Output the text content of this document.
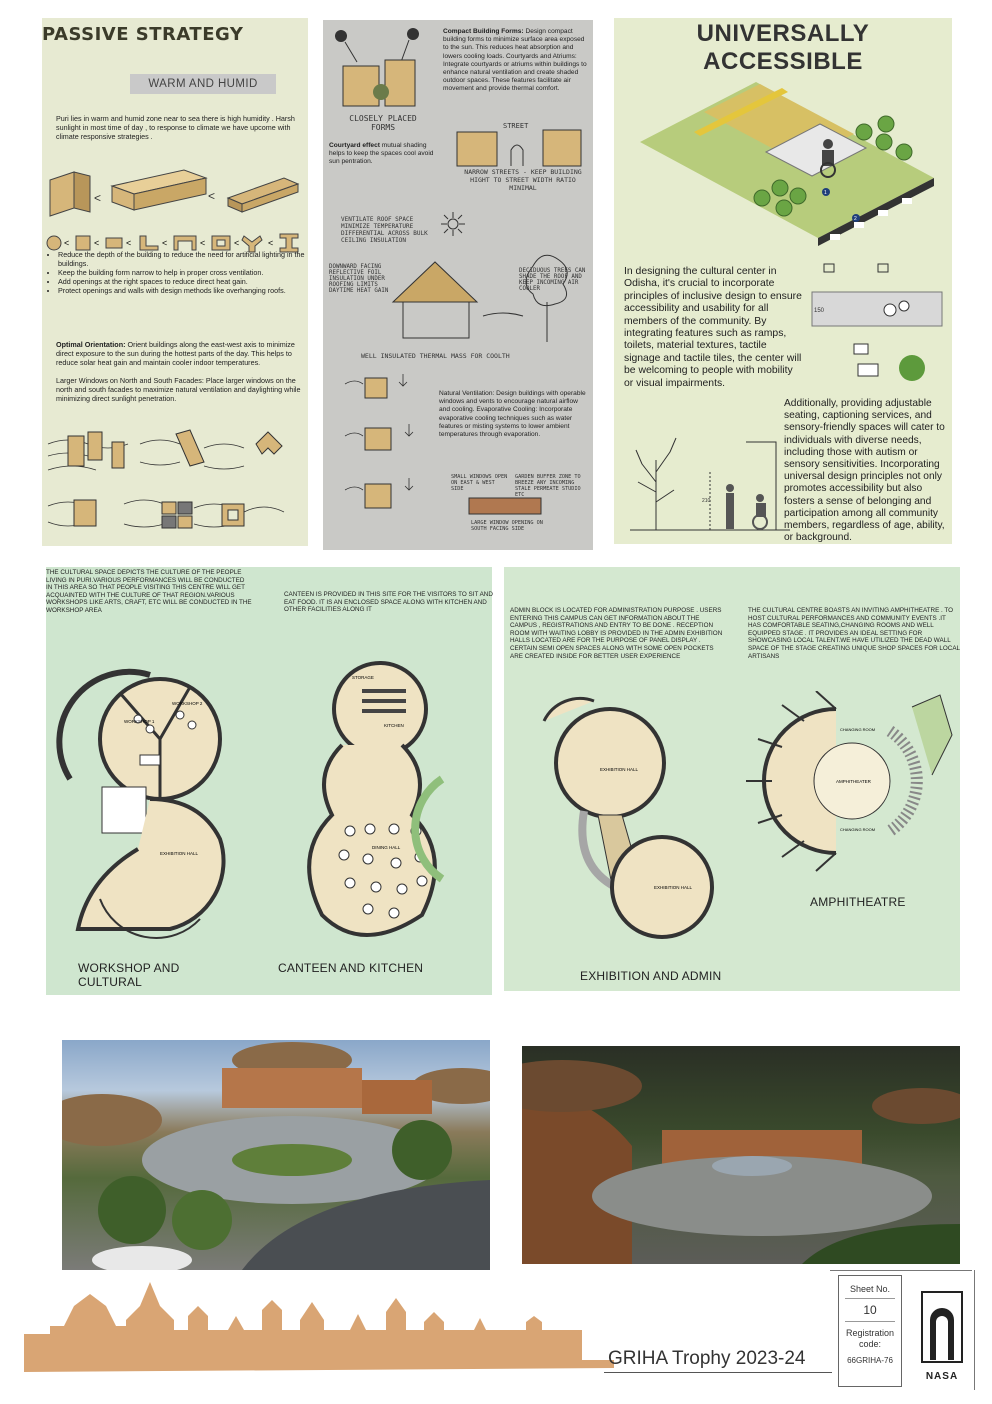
PASSIVE STRATEGY
WARM AND HUMID
Puri lies in warm and humid zone near to sea there is high humidity . Harsh sunlight in most time of day , to response to climate we have upcome with climate responsive strategies .
<	<
<	<	<	<	<	<	<
• Reduce the depth of the building to reduce the need for artificial lighting in the buildings.
• Keep the building form narrow to help in proper cross ventilation.
• Add openings at the right spaces to reduce direct heat gain.
• Protect openings and walls with design methods like overhanging roofs.
Optimal Orientation: Orient buildings along the east-west axis to minimize direct exposure to the sun during the hottest parts of the day. This helps to reduce solar heat gain and maintain cooler indoor temperatures.
Larger Windows on North and South Facades: Place larger windows on the north and south facades to maximize natural ventilation and daylighting while minimizing direct sunlight penetration.
CLOSELY PLACED FORMS
Courtyard effect mutual shading helps to keep the spaces cool avoid sun pentration.
Compact Building Forms: Design compact building forms to minimize surface area exposed to the sun. This reduces heat absorption and lowers cooling loads. Courtyards and Atriums: Integrate courtyards or atriums within buildings to enhance natural ventilation and create shaded outdoor spaces. These features facilitate air movement and provide thermal comfort.
STREET
NARROW STREETS - KEEP BUILDING HIGHT TO STREET WIDTH RATIO MINIMAL
VENTILATE ROOF SPACE MINIMIZE TEMPERATURE DIFFERENTIAL ACROSS BULK CEILING INSULATION
DOWNWARD FACING REFLECTIVE FOIL INSULATION UNDER ROOFING LIMITS DAYTIME HEAT GAIN
DECIDUOUS TREES CAN SHADE THE ROOF AND KEEP INCOMING AIR COOLER
WELL INSULATED THERMAL MASS FOR COOLTH
Natural Ventilation: Design buildings with operable windows and vents to encourage natural airflow and cooling. Evaporative Cooling: Incorporate evaporative cooling techniques such as water features or misting systems to lower ambient temperatures through evaporation.
SMALL WINDOWS OPEN ON EAST & WEST SIDE
GARDEN BUFFER ZONE TO BREEZE ANY INCOMING STALE PERMEATE STUDIO ETC
LARGE WINDOW OPENING ON SOUTH FACING SIDE
UNIVERSALLY ACCESSIBLE
1
2
In designing the cultural center in Odisha, it's crucial to incorporate principles of inclusive design to ensure accessibility and usability for all members of the community. By integrating features such as ramps, toilets, material textures, tactile signage and tactile tiles, the center will be welcoming to people with mobility or visual impairments.
150
210
Additionally, providing adjustable seating, captioning services, and sensory-friendly spaces will cater to individuals with diverse needs, including those with autism or sensory sensitivities. Incorporating universal design principles not only promotes accessibility but also fosters a sense of belonging and participation among all community members, regardless of age, ability, or background.
THE CULTURAL SPACE DEPICTS THE CULTURE OF THE PEOPLE LIVING IN PURI.VARIOUS PERFORMANCES WILL BE CONDUCTED IN THIS AREA SO THAT PEOPLE VISITING THIS CENTRE WILL GET ACQUAINTED WITH THE CULTURE OF THAT REGION.VARIOUS WORKSHOPS LIKE ARTS, CRAFT, ETC WILL BE CONDUCTED IN THE WORKSHOP AREA
CANTEEN IS PROVIDED IN THIS SITE FOR THE VISITORS TO SIT AND EAT FOOD. IT IS AN ENCLOSED SPACE ALONG WITH KITCHEN AND OTHER FACILITIES ALONG IT
WORKSHOP 1
WORKSHOP 2
EXHIBITION HALL
STORAGE
KITCHEN
DINING HALL
WORKSHOP AND CULTURAL
CANTEEN AND KITCHEN
ADMIN BLOCK IS LOCATED FOR ADMINISTRATION PURPOSE . USERS ENTERING THIS CAMPUS CAN GET INFORMATION ABOUT THE CAMPUS , REGISTRATIONS AND ENTRY TO BE DONE . RECEPTION ROOM WITH WAITING LOBBY IS PROVIDED IN THE ADMIN EXHIBITION HALLS LOCATED ARE FOR THE PURPOSE OF PANEL DISPLAY . CERTAIN SEMI OPEN SPACES ALONG WITH SOME OPEN POCKETS ARE CREATED INSIDE FOR BETTER USER EXPERIENCE
THE CULTURAL CENTRE BOASTS AN INVITING AMPHITHEATRE . TO HOST CULTURAL PERFORMANCES AND COMMUNITY EVENTS .IT HAS COMFORTABLE SEATING,CHANGING ROOMS AND WELL EQUIPPED STAGE . IT PROVIDES AN IDEAL SETTING FOR SHOWCASING LOCAL TALENT.WE HAVE UTILIZED THE DEAD WALL SPACE OF THE STAGE CREATING UNIQUE SHOP SPACES FOR LOCAL ARTISANS
EXHIBITION HALL
EXHIBITION HALL
AMPHITHEATER
CHANGING ROOM
CHANGING ROOM
EXHIBITION AND ADMIN
AMPHITHEATRE
GRIHA Trophy 2023-24
Sheet No.
10
Registration code:
66GRIHA-76
NASA
